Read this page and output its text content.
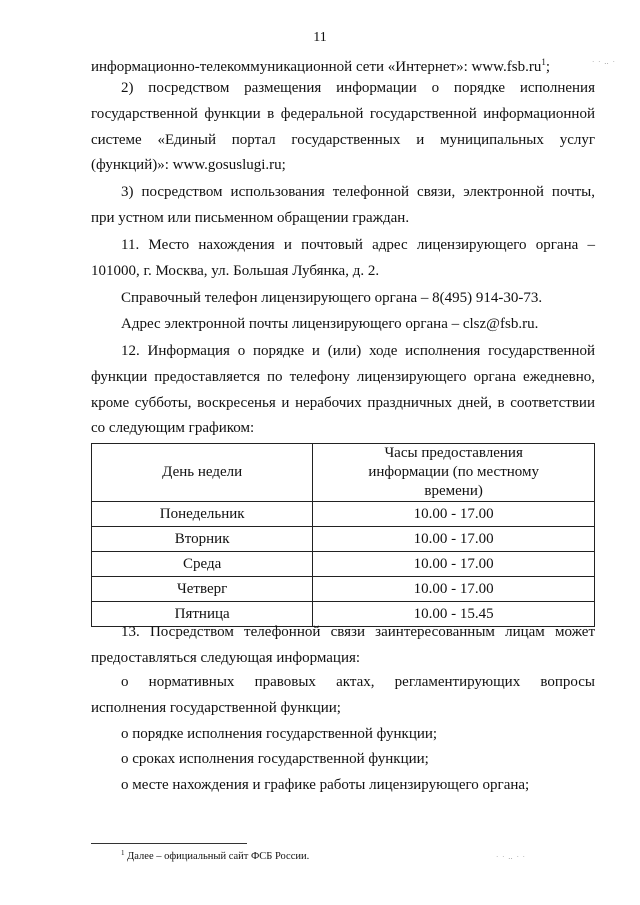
11

информационно-телекоммуникационной сети «Интернет»: $www.fsb.ru^1$;

2) посредством размещения информации о порядке исполнения

государственной функции в федеральной государственной информационной системе «Единый портал государственных и муниципальных услуг (функций)»: www.gosuslugi.ru;

3) посредством использования телефонной связи, электронной почты,

при устном или письменном обращении граждан.

11. Место нахождения и почтовый адрес лицензирующего органа –

101000, г. Москва, ул. Большая Лубянка, д. 2.

Справочный телефон лицензирующего органа – 8(495) 914-30-73.

Адрес электронной почты лицензирующего органа – clsz@fsb.ru.

12. Информация о порядке и (или) ходе исполнения государственной

функции предоставляется по телефону лицензирующего органа ежедневно, кроме субботы, воскресенья и нерабочих праздничных дней, в соответствии со следующим графиком:

День недели	Часы предоставления информации (по местному времени)
Понедельник	10.00 - 17.00
Вторник	10.00 - 17.00
Среда	10.00 - 17.00
Четверг	10.00 - 17.00
Пятница	10.00 - 15.45

13. Посредством телефонной связи заинтересованным лицам может

предоставляться следующая информация:

о нормативных правовых актах, регламентирующих вопросы

исполнения государственной функции;

о порядке исполнения государственной функции;

о сроках исполнения государственной функции;

о месте нахождения и графике работы лицензирующего органа;

$^1$ Далее – официальный сайт ФСБ России.
· · ‥ ·
· · ‥ · ·
